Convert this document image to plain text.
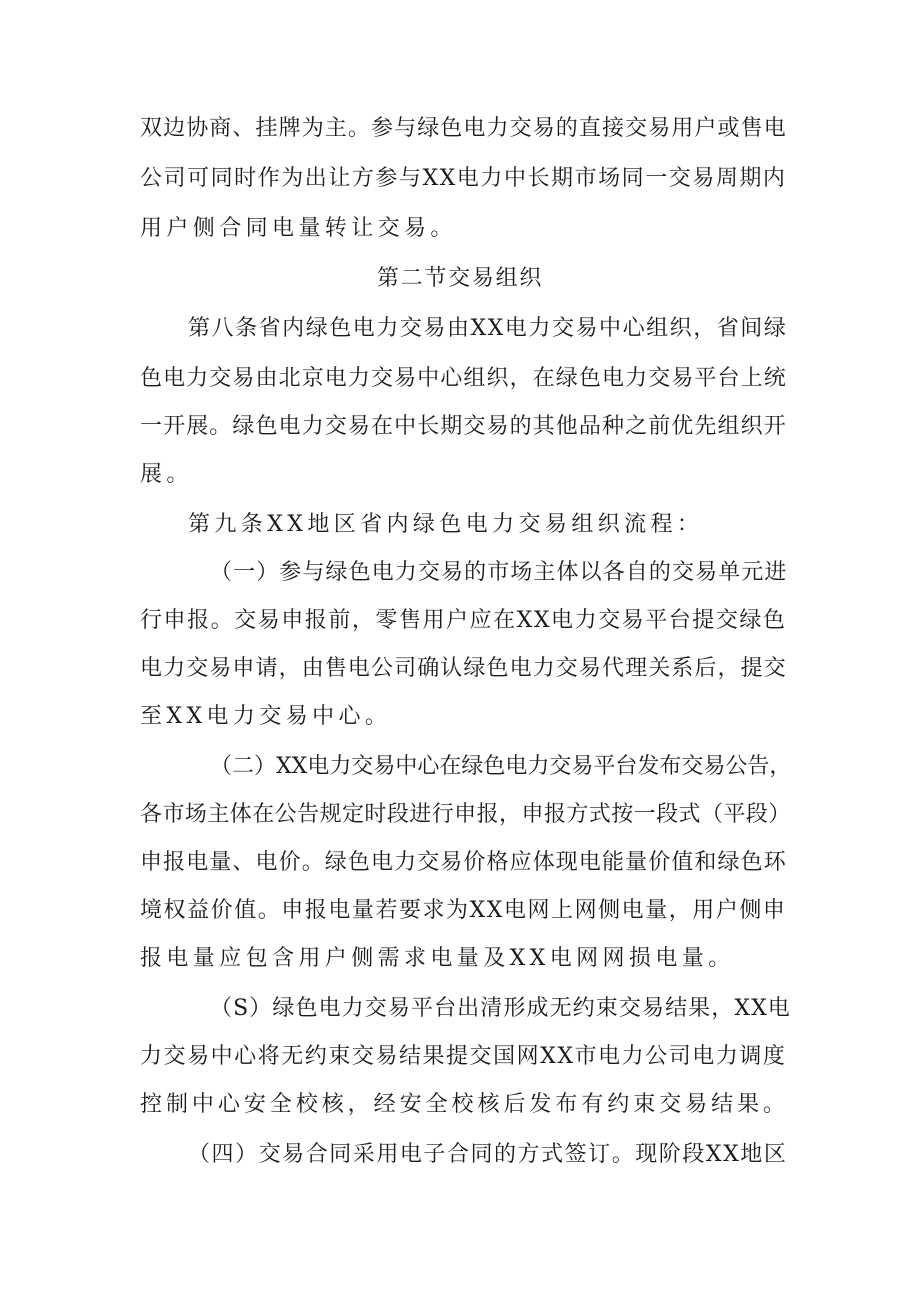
双边协商、挂牌为主。参与绿色电力交易的直接交易用户或售电
公司可同时作为出让方参与XX电力中长期市场同一交易周期内
用户侧合同电量转让交易。
第二节交易组织
第八条省内绿色电力交易由XX电力交易中心组织，省间绿
色电力交易由北京电力交易中心组织，在绿色电力交易平台上统
一开展。绿色电力交易在中长期交易的其他品种之前优先组织开
展。
第九条XX地区省内绿色电力交易组织流程：
（一）参与绿色电力交易的市场主体以各自的交易单元进
行申报。交易申报前，零售用户应在XX电力交易平台提交绿色
电力交易申请，由售电公司确认绿色电力交易代理关系后，提交
至XX电力交易中心。
（二）XX电力交易中心在绿色电力交易平台发布交易公告，
各市场主体在公告规定时段进行申报，申报方式按一段式（平段）
申报电量、电价。绿色电力交易价格应体现电能量价值和绿色环
境权益价值。申报电量若要求为XX电网上网侧电量，用户侧申
报电量应包含用户侧需求电量及XX电网网损电量。
（S）绿色电力交易平台出清形成无约束交易结果，XX电
力交易中心将无约束交易结果提交国网XX市电力公司电力调度
控制中心安全校核，经安全校核后发布有约束交易结果。
（四）交易合同采用电子合同的方式签订。现阶段XX地区
